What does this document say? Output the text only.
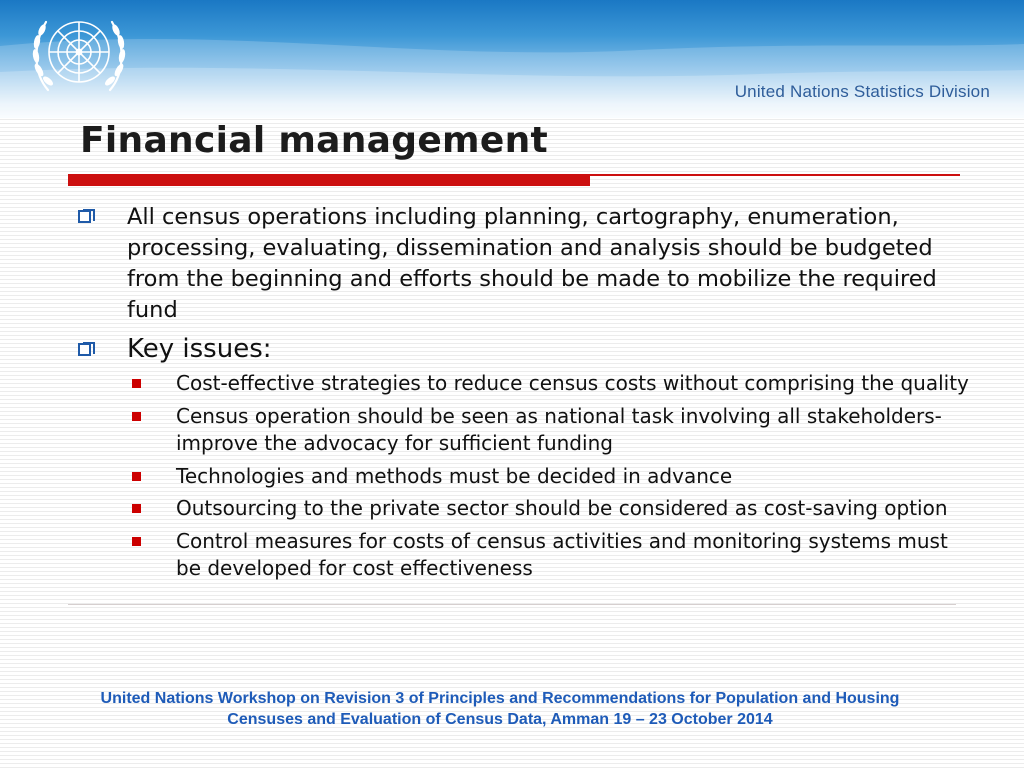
United Nations Statistics Division
Financial management
All census operations including planning, cartography, enumeration, processing, evaluating, dissemination and analysis should be budgeted from the beginning and efforts should be made to mobilize the required fund
Key issues:
Cost-effective strategies to reduce census costs without comprising the quality
Census operation should be seen as national task involving all stakeholders- improve the advocacy for sufficient funding
Technologies and methods must be decided in advance
Outsourcing to the private sector should be considered as cost-saving option
Control measures for costs of census activities and monitoring systems must be developed for cost effectiveness
United Nations Workshop on Revision 3 of Principles and Recommendations for Population and Housing
Censuses and Evaluation of Census Data, Amman 19 – 23 October 2014
